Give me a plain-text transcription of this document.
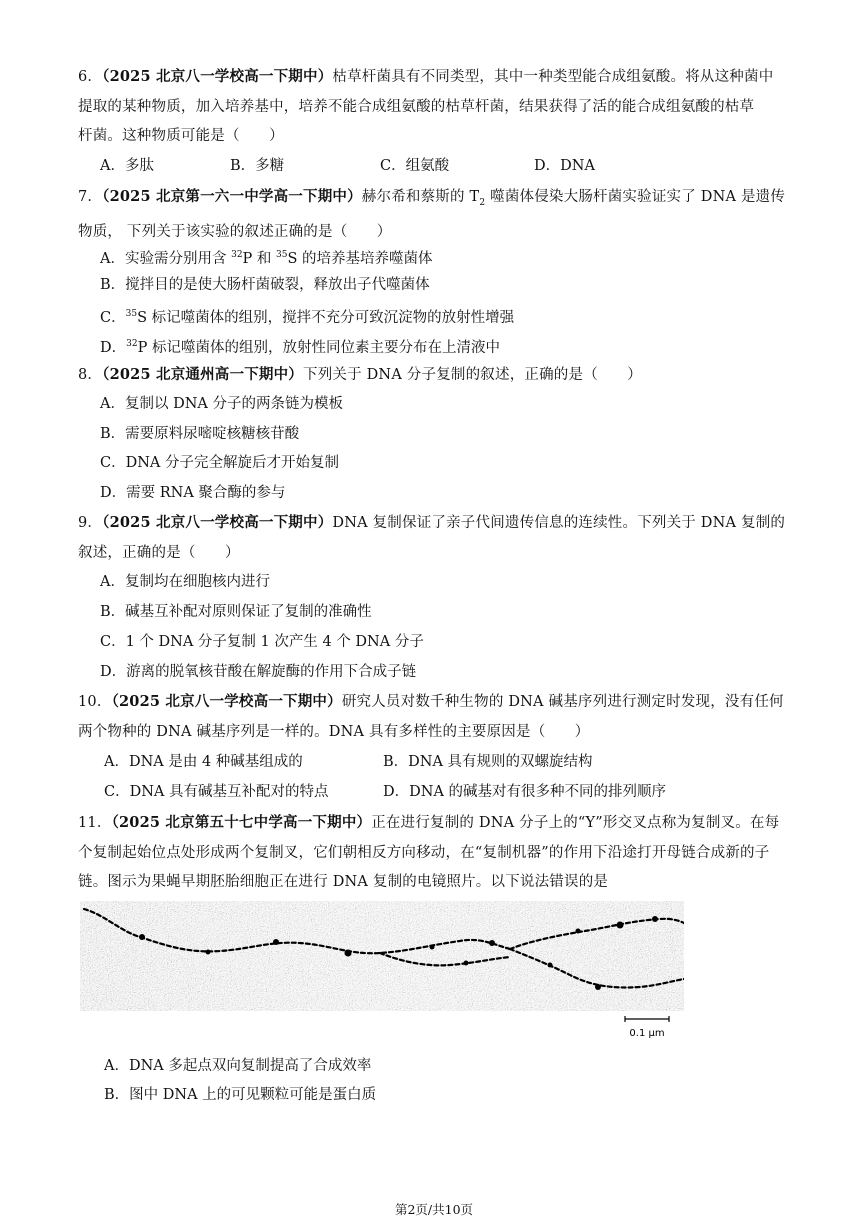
6．（2025 北京八一学校高一下期中）枯草杆菌具有不同类型，其中一种类型能合成组氨酸。将从这种菌中
提取的某种物质，加入培养基中，培养不能合成组氨酸的枯草杆菌，结果获得了活的能合成组氨酸的枯草
杆菌。这种物质可能是（　　）
A．多肽	B．多糖	C．组氨酸	D．DNA
7．（2025 北京第一六一中学高一下期中）赫尔希和蔡斯的 $T_2$ 噬菌体侵染大肠杆菌实验证实了 DNA 是遗传
物质， 下列关于该实验的叙述正确的是（　　）
A．实验需分别用含 $^{32}$P 和 $^{35}$S 的培养基培养噬菌体
B．搅拌目的是使大肠杆菌破裂，释放出子代噬菌体
C．$^{35}$S 标记噬菌体的组别，搅拌不充分可致沉淀物的放射性增强
D．$^{32}$P 标记噬菌体的组别，放射性同位素主要分布在上清液中
8．（2025 北京通州高一下期中）下列关于 DNA 分子复制的叙述，正确的是（　　）
A．复制以 DNA 分子的两条链为模板
B．需要原料尿嘧啶核糖核苷酸
C．DNA 分子完全解旋后才开始复制
D．需要 RNA 聚合酶的参与
9．（2025 北京八一学校高一下期中）DNA 复制保证了亲子代间遗传信息的连续性。下列关于 DNA 复制的
叙述，正确的是（　　）
A．复制均在细胞核内进行
B．碱基互补配对原则保证了复制的准确性
C．1 个 DNA 分子复制 1 次产生 4 个 DNA 分子
D．游离的脱氧核苷酸在解旋酶的作用下合成子链
10．（2025 北京八一学校高一下期中）研究人员对数千种生物的 DNA 碱基序列进行测定时发现，没有任何
两个物种的 DNA 碱基序列是一样的。DNA 具有多样性的主要原因是（　　）
A．DNA 是由 4 种碱基组成的	B．DNA 具有规则的双螺旋结构
C．DNA 具有碱基互补配对的特点	D．DNA 的碱基对有很多种不同的排列顺序
11．（2025 北京第五十七中学高一下期中）正在进行复制的 DNA 分子上的“Y”形交叉点称为复制叉。在每
个复制起始位点处形成两个复制叉，它们朝相反方向移动，在“复制机器”的作用下沿途打开母链合成新的子
链。图示为果蝇早期胚胎细胞正在进行 DNA 复制的电镜照片。以下说法错误的是
0.1 μm
A．DNA 多起点双向复制提高了合成效率
B．图中 DNA 上的可见颗粒可能是蛋白质
第2页/共10页
